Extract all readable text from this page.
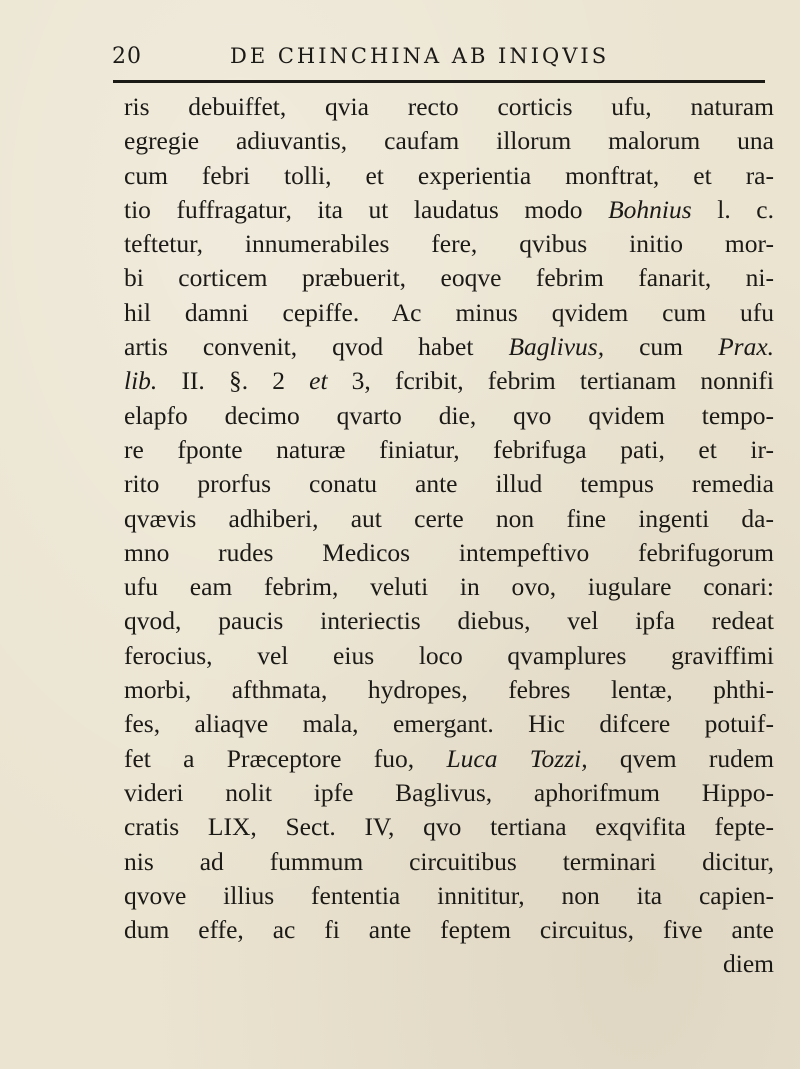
20	DE CHINCHINA AB INIQVIS
ris debuiffet, qvia recto corticis ufu, naturam
egregie adiuvantis, caufam illorum malorum una
cum febri tolli, et experientia monftrat, et ra-
tio fuffragatur, ita ut laudatus modo Bohnius l. c.
teftetur, innumerabiles fere, qvibus initio mor-
bi corticem præbuerit, eoqve febrim fanarit, ni-
hil damni cepiffe. Ac minus qvidem cum ufu
artis convenit, qvod habet Baglivus, cum Prax.
lib. II. §. 2 et 3, fcribit, febrim tertianam nonnifi
elapfo decimo qvarto die, qvo qvidem tempo-
re fponte naturæ finiatur, febrifuga pati, et ir-
rito prorfus conatu ante illud tempus remedia
qvævis adhiberi, aut certe non fine ingenti da-
mno rudes Medicos intempeftivo febrifugorum
ufu eam febrim, veluti in ovo, iugulare conari:
qvod, paucis interiectis diebus, vel ipfa redeat
ferocius, vel eius loco qvamplures graviffimi
morbi, afthmata, hydropes, febres lentæ, phthi-
fes, aliaqve mala, emergant. Hic difcere potuif-
fet a Præceptore fuo, Luca Tozzi, qvem rudem
videri nolit ipfe Baglivus, aphorifmum Hippo-
cratis LIX, Sect. IV, qvo tertiana exqvifita fepte-
nis ad fummum circuitibus terminari dicitur,
qvove illius fententia innititur, non ita capien-
dum effe, ac fi ante feptem circuitus, five ante
diem
